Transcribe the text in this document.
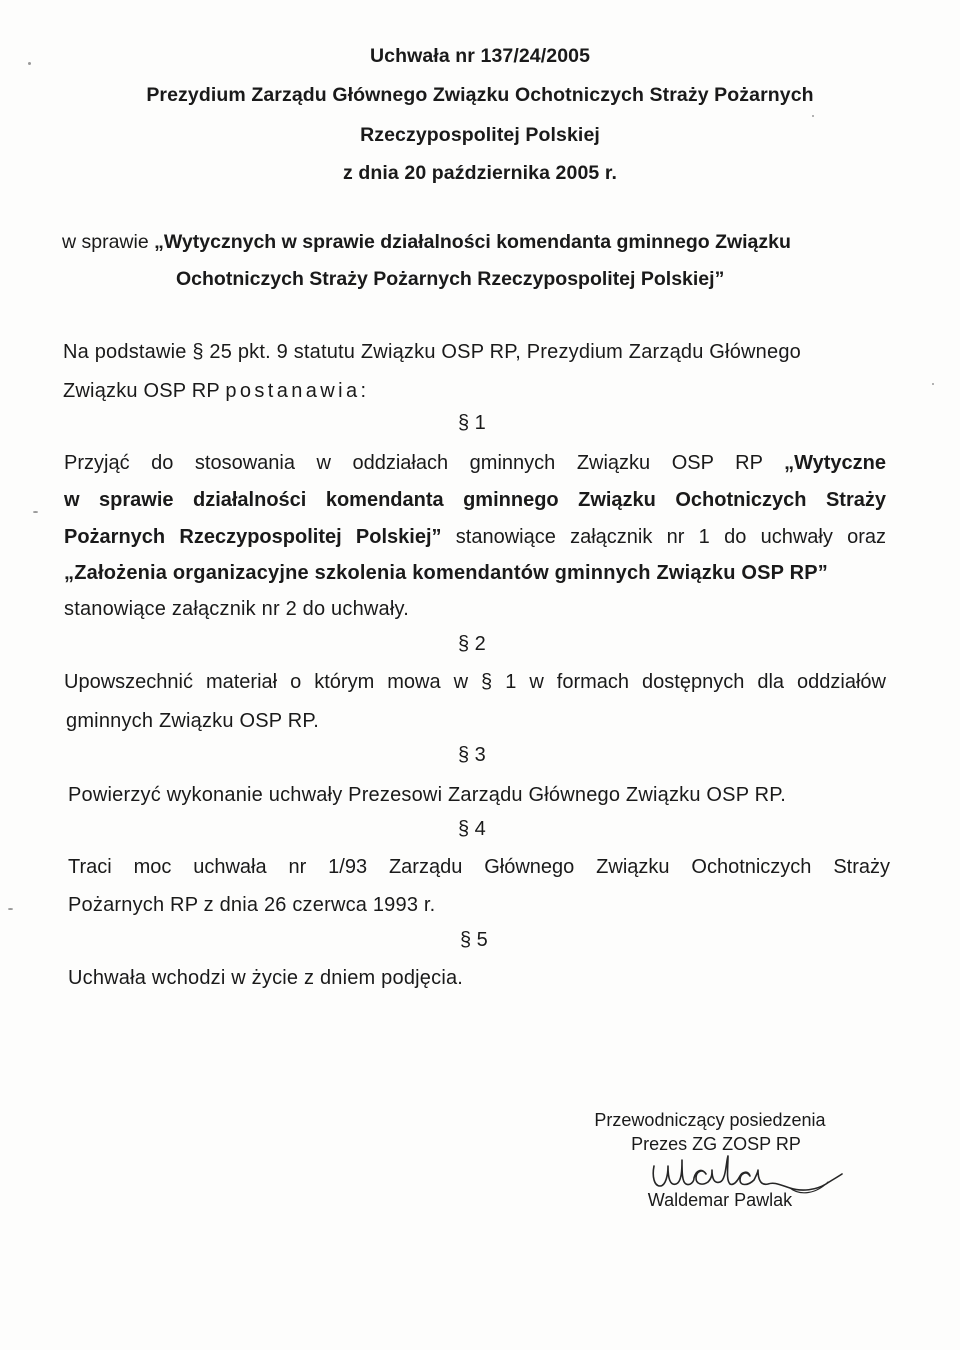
Uchwała nr 137/24/2005
Prezydium Zarządu Głównego Związku Ochotniczych Straży Pożarnych
Rzeczypospolitej Polskiej
z dnia 20 października 2005 r.
w sprawie „Wytycznych w sprawie działalności komendanta gminnego Związku
Ochotniczych Straży Pożarnych Rzeczypospolitej Polskiej”
Na podstawie § 25 pkt. 9 statutu Związku OSP RP, Prezydium Zarządu Głównego
Związku OSP RP postanawia:
§ 1
Przyjąć do stosowania w oddziałach gminnych Związku OSP RP „Wytyczne
w sprawie działalności komendanta gminnego Związku Ochotniczych Straży
Pożarnych Rzeczypospolitej Polskiej” stanowiące załącznik nr 1 do uchwały oraz
„Założenia organizacyjne szkolenia komendantów gminnych Związku OSP RP”
stanowiące załącznik nr 2 do uchwały.
§ 2
Upowszechnić materiał o którym mowa w § 1 w formach dostępnych dla oddziałów
gminnych Związku OSP RP.
§ 3
Powierzyć wykonanie uchwały Prezesowi Zarządu Głównego Związku OSP RP.
§ 4
Traci moc uchwała nr 1/93 Zarządu Głównego Związku Ochotniczych Straży
Pożarnych RP z dnia 26 czerwca 1993 r.
§ 5
Uchwała wchodzi w życie z dniem podjęcia.
Przewodniczący posiedzenia
Prezes ZG ZOSP RP
Waldemar Pawlak
